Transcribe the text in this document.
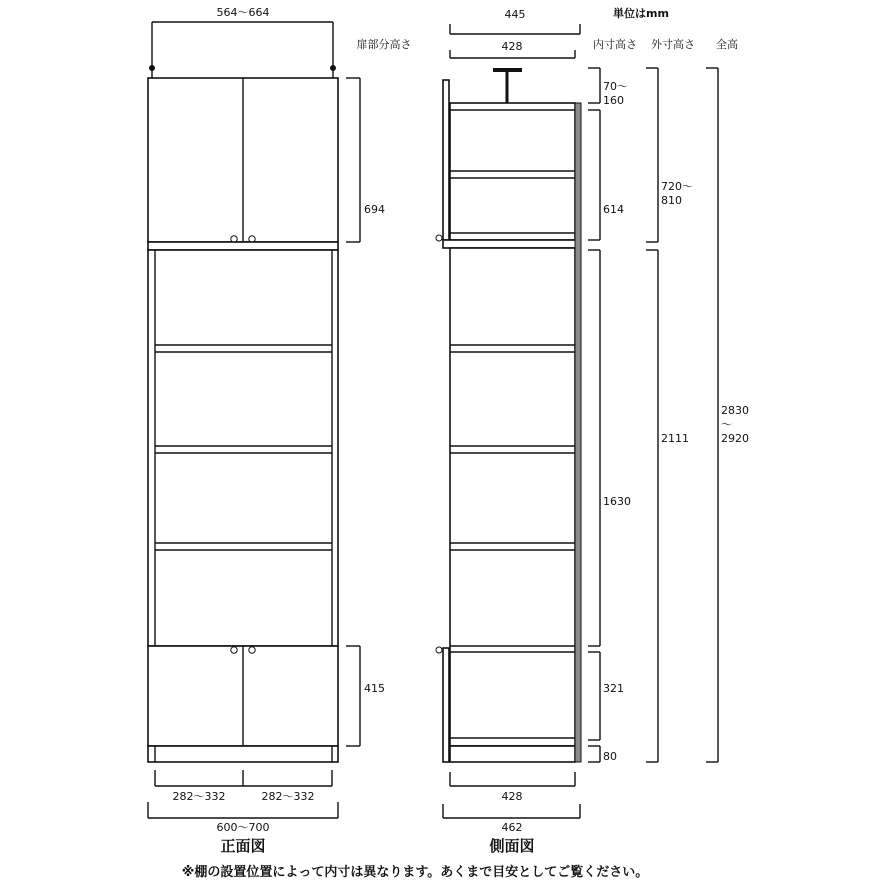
564〜664
694
415
282〜332	282〜332
600〜700
正面図
445
428
70〜
160
614
1630
321
80
720〜
810
2111
2830
〜
2920
428
462
側面図
単位はmm
扉部分高さ	内寸高さ 外寸高さ 全高
※棚の設置位置によって内寸は異なります。あくまで目安としてご覧ください。
